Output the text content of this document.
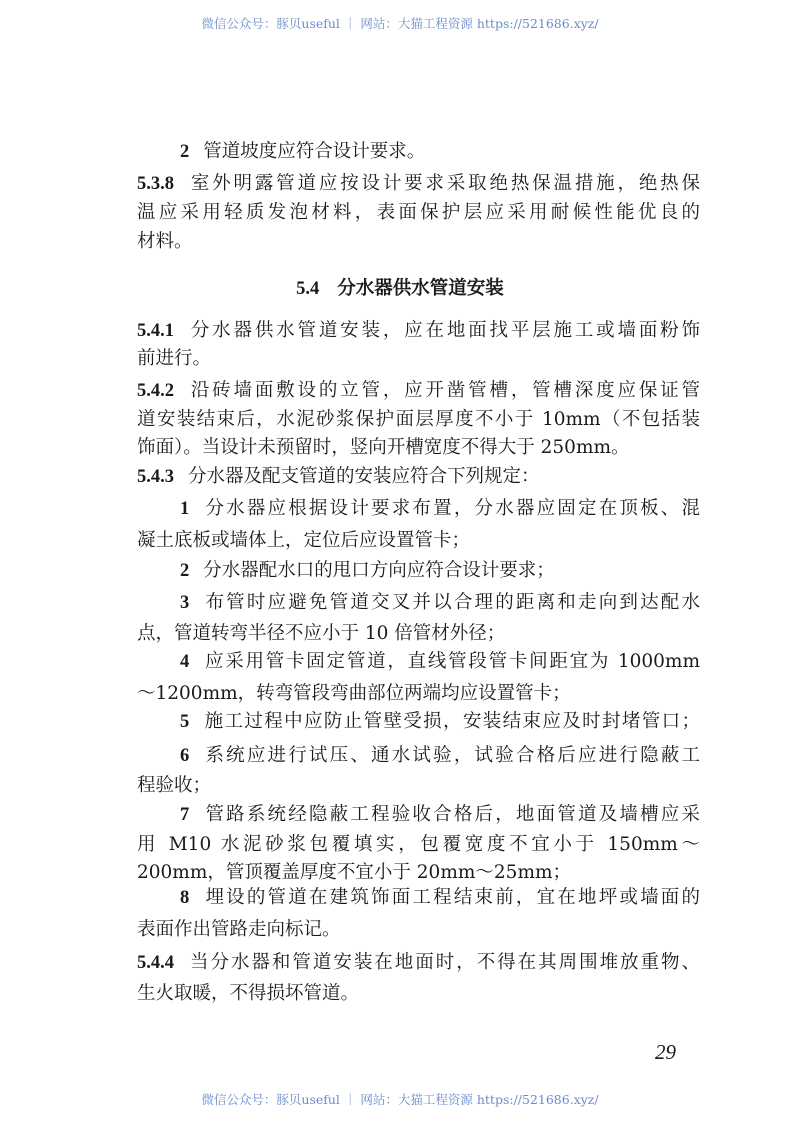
微信公众号：豚贝useful ｜ 网站：大猫工程资源 https://521686.xyz/
2 管道坡度应符合设计要求。
5.3.8 室外明露管道应按设计要求采取绝热保温措施，绝热保
温应采用轻质发泡材料，表面保护层应采用耐候性能优良的
材料。
5.4.1 分水器供水管道安装，应在地面找平层施工或墙面粉饰
前进行。
5.4.2 沿砖墙面敷设的立管，应开凿管槽，管槽深度应保证管
道安装结束后，水泥砂浆保护面层厚度不小于 10mm（不包括装
饰面）。当设计未预留时，竖向开槽宽度不得大于 250mm。
5.4.3 分水器及配支管道的安装应符合下列规定：
1 分水器应根据设计要求布置，分水器应固定在顶板、混
凝土底板或墙体上，定位后应设置管卡；
2 分水器配水口的甩口方向应符合设计要求；
3 布管时应避免管道交叉并以合理的距离和走向到达配水
点，管道转弯半径不应小于 10 倍管材外径；
4 应采用管卡固定管道，直线管段管卡间距宜为 1000mm
～1200mm，转弯管段弯曲部位两端均应设置管卡；
5 施工过程中应防止管壁受损，安装结束应及时封堵管口；
6 系统应进行试压、通水试验，试验合格后应进行隐蔽工
程验收；
7 管路系统经隐蔽工程验收合格后，地面管道及墙槽应采
用 M10 水泥砂浆包覆填实，包覆宽度不宜小于 150mm～
200mm，管顶覆盖厚度不宜小于 20mm～25mm；
8 埋设的管道在建筑饰面工程结束前，宜在地坪或墙面的
表面作出管路走向标记。
5.4.4 当分水器和管道安装在地面时，不得在其周围堆放重物、
生火取暖，不得损坏管道。
5.4 分水器供水管道安装
29
微信公众号：豚贝useful ｜ 网站：大猫工程资源 https://521686.xyz/
